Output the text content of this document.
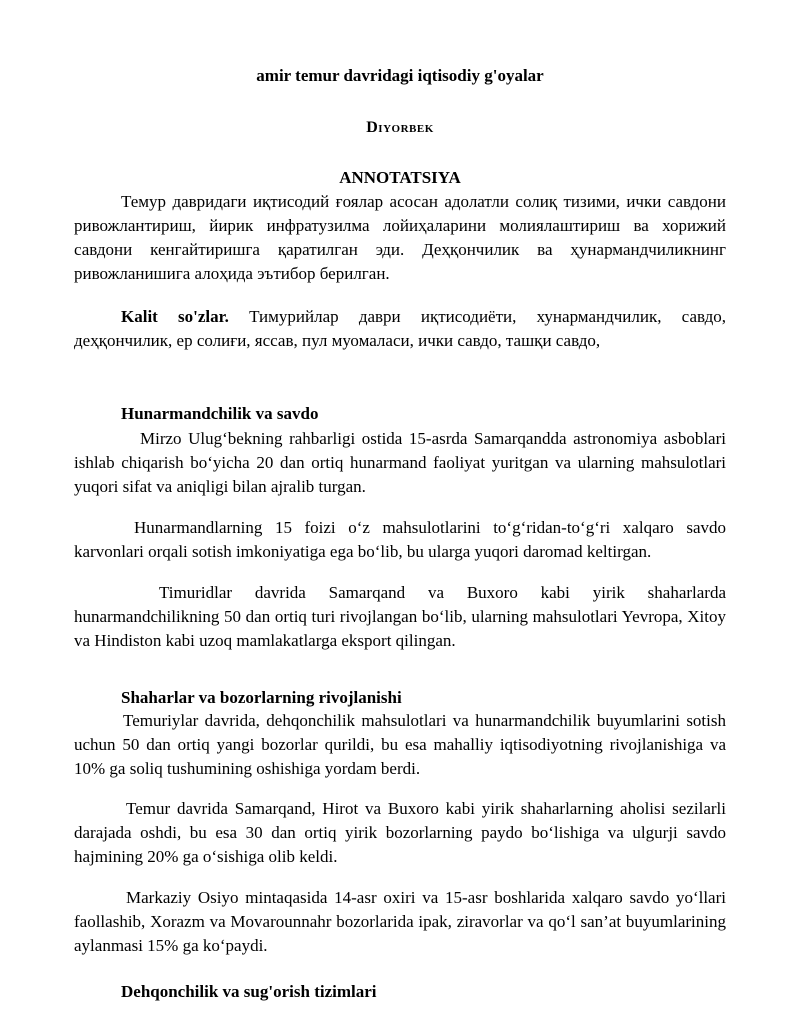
amir temur davridagi iqtisodiy g'oyalar
Diyorbek
ANNOTATSIYA

Темур давридаги иқтисодий ғоялар асосан адолатли солиқ тизими, ички савдони ривожлантириш, йирик инфратузилма лойиҳаларини молиялаштириш ва хорижий савдони кенгайтиришга қаратилган эди. Деҳқончилик ва ҳунармандчиликнинг ривожланишига алоҳида эътибор берилган.

Kalit so'zlar. Тимурийлар даври иқтисодиёти, хунармандчилик, савдо, деҳқончилик, ер солиғи, яссав, пул муомаласи, ички савдо, ташқи савдо,

Hunarmandchilik va savdo

Mirzo Ulug‘bekning rahbarligi ostida 15-asrda Samarqandda astronomiya asboblari ishlab chiqarish bo‘yicha 20 dan ortiq hunarmand faoliyat yuritgan va ularning mahsulotlari yuqori sifat va aniqligi bilan ajralib turgan.

Hunarmandlarning 15 foizi o‘z mahsulotlarini to‘g‘ridan-to‘g‘ri xalqaro savdo karvonlari orqali sotish imkoniyatiga ega bo‘lib, bu ularga yuqori daromad keltirgan.

Timuridlar davrida Samarqand va Buxoro kabi yirik shaharlarda hunarmandchilikning 50 dan ortiq turi rivojlangan bo‘lib, ularning mahsulotlari Yevropa, Xitoy va Hindiston kabi uzoq mamlakatlarga eksport qilingan.

Shaharlar va bozorlarning rivojlanishi

Temuriylar davrida, dehqonchilik mahsulotlari va hunarmandchilik buyumlarini sotish uchun 50 dan ortiq yangi bozorlar qurildi, bu esa mahalliy iqtisodiyotning rivojlanishiga va 10% ga soliq tushumining oshishiga yordam berdi.

Temur davrida Samarqand, Hirot va Buxoro kabi yirik shaharlarning aholisi sezilarli darajada oshdi, bu esa 30 dan ortiq yirik bozorlarning paydo bo‘lishiga va ulgurji savdo hajmining 20% ga o‘sishiga olib keldi.

Markaziy Osiyo mintaqasida 14-asr oxiri va 15-asr boshlarida xalqaro savdo yo‘llari faollashib, Xorazm va Movarounnahr bozorlarida ipak, ziravorlar va qo‘l san’at buyumlarining aylanmasi 15% ga ko‘paydi.

Dehqonchilik va sug'orish tizimlari
